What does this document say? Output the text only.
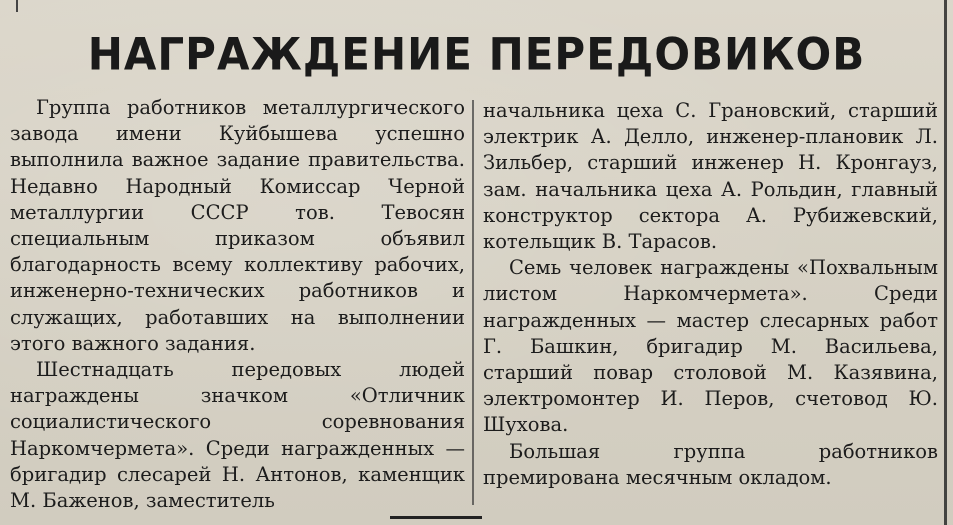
НАГРАЖДЕНИЕ ПЕРЕДОВИКОВ

Группа работников металлургического завода имени Куйбышева успешно выполнила важное задание правительства. Недавно Народный Комиссар Черной металлургии СССР тов. Тевосян специальным приказом объявил благодарность всему коллективу рабочих, инженерно-технических работников и служащих, работавших на выполнении этого важного задания.

Шестнадцать передовых людей награждены значком «Отличник социалистического соревнования Наркомчермета». Среди награжденных — бригадир слесарей Н. Антонов, каменщик М. Баженов, заместитель

начальника цеха С. Грановский, старший электрик А. Делло, инженер-плановик Л. Зильбер, старший инженер Н. Кронгауз, зам. начальника цеха А. Рольдин, главный конструктор сектора А. Рубижевский, котельщик В. Тарасов.

Семь человек награждены «Похвальным листом Наркомчермета». Среди награжденных — мастер слесарных работ Г. Башкин, бригадир М. Васильева, старший повар столовой М. Казявина, электромонтер И. Перов, счетовод Ю. Шухова.

Большая группа работников премирована месячным окладом.
